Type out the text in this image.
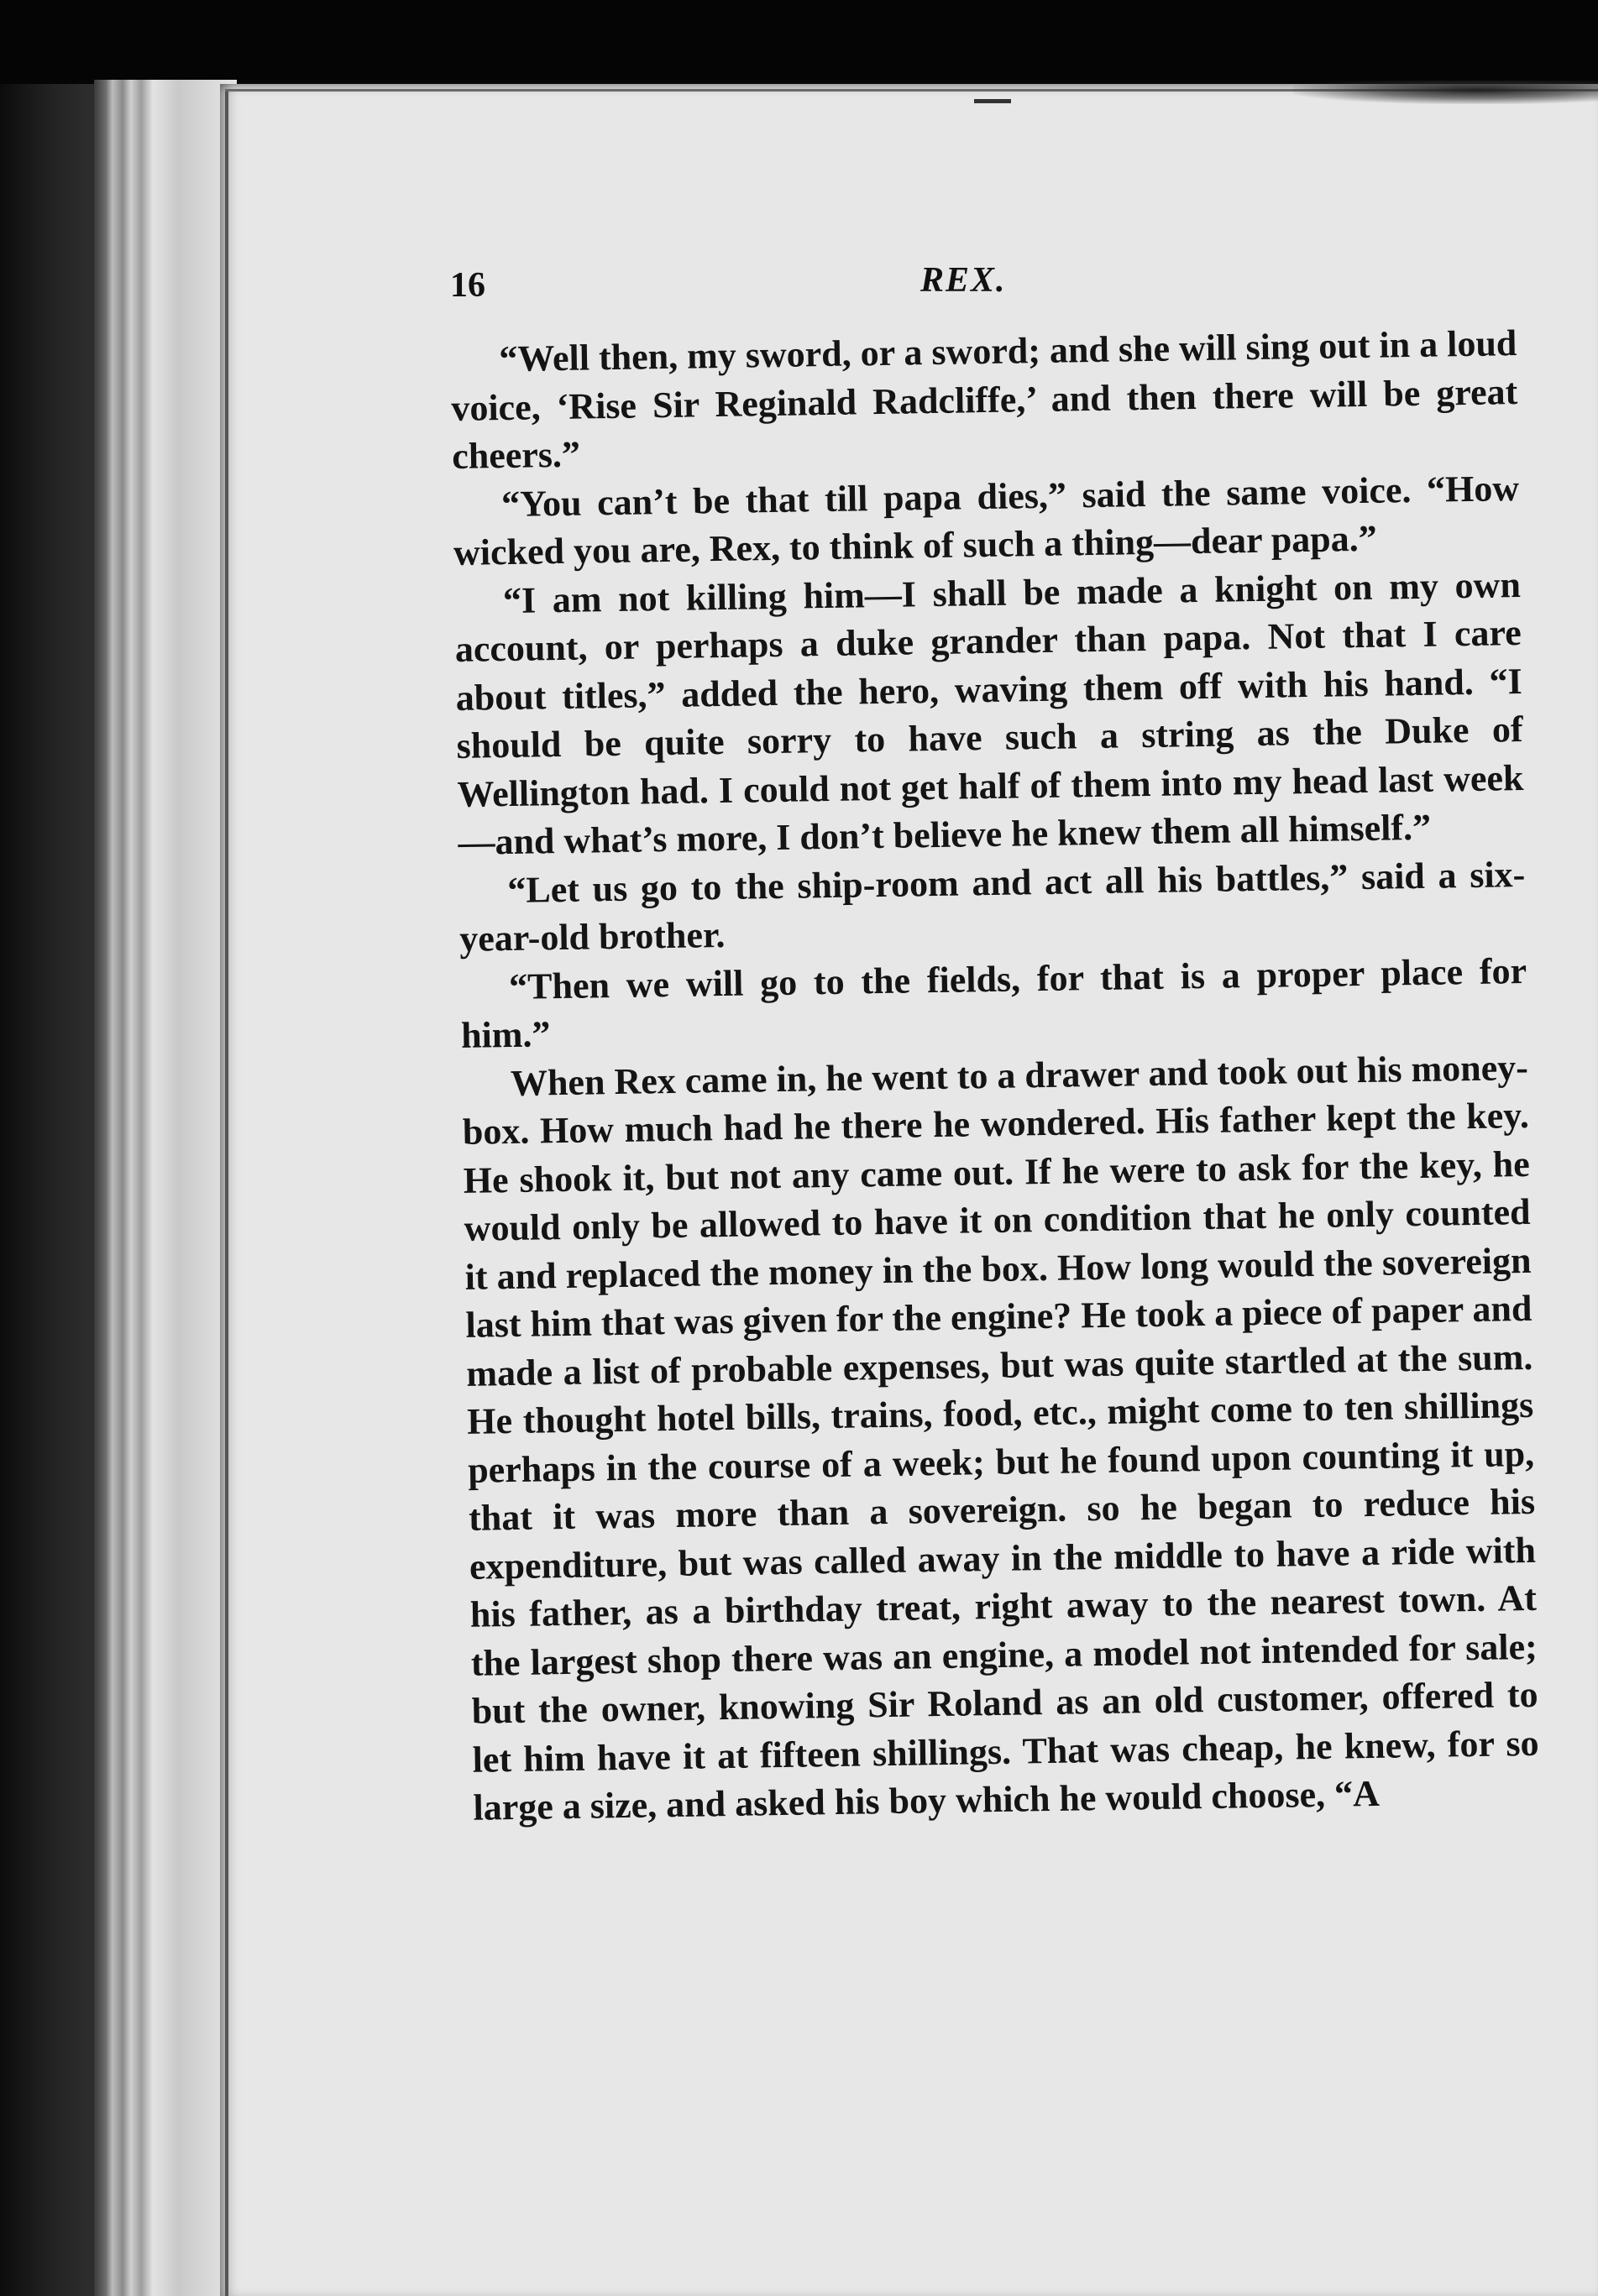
16	REX.

“Well then, my sword, or a sword; and she will sing out in a loud voice, ‘Rise Sir Reginald Radcliffe,’ and then there will be great cheers.”

“You can’t be that till papa dies,” said the same voice. “How wicked you are, Rex, to think of such a thing—dear papa.”

“I am not killing him—I shall be made a knight on my own account, or perhaps a duke grander than papa. Not that I care about titles,” added the hero, waving them off with his hand. “I should be quite sorry to have such a string as the Duke of Wellington had. I could not get half of them into my head last week—and what’s more, I don’t believe he knew them all himself.”

“Let us go to the ship-room and act all his battles,” said a six-year-old brother.

“Then we will go to the fields, for that is a proper place for him.”

When Rex came in, he went to a drawer and took out his money-box. How much had he there he wondered. His father kept the key. He shook it, but not any came out. If he were to ask for the key, he would only be allowed to have it on condition that he only counted it and replaced the money in the box. How long would the sovereign last him that was given for the engine? He took a piece of paper and made a list of probable expenses, but was quite startled at the sum. He thought hotel bills, trains, food, etc., might come to ten shillings perhaps in the course of a week; but he found upon counting it up, that it was more than a sovereign. so he began to reduce his expenditure, but was called away in the middle to have a ride with his father, as a birthday treat, right away to the nearest town. At the largest shop there was an engine, a model not intended for sale; but the owner, knowing Sir Roland as an old customer, offered to let him have it at fifteen shillings. That was cheap, he knew, for so large a size, and asked his boy which he would choose, “A
